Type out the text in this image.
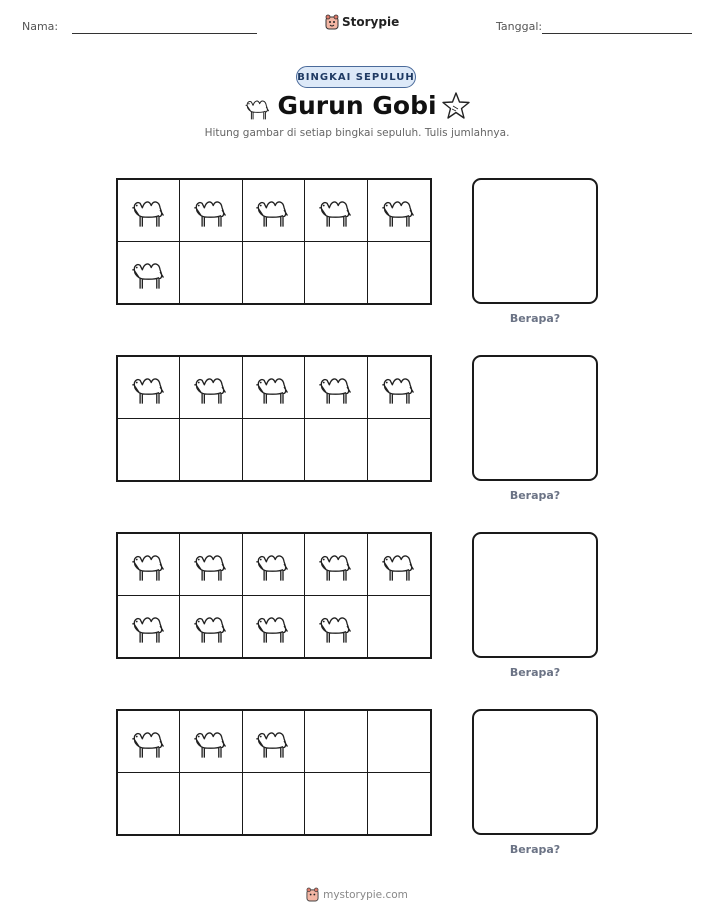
Nama:	Storypie	Tanggal:
BINGKAI SEPULUH
Gurun Gobi
Hitung gambar di setiap bingkai sepuluh. Tulis jumlahnya.
Berapa?
Berapa?
Berapa?
Berapa?
mystorypie.com
